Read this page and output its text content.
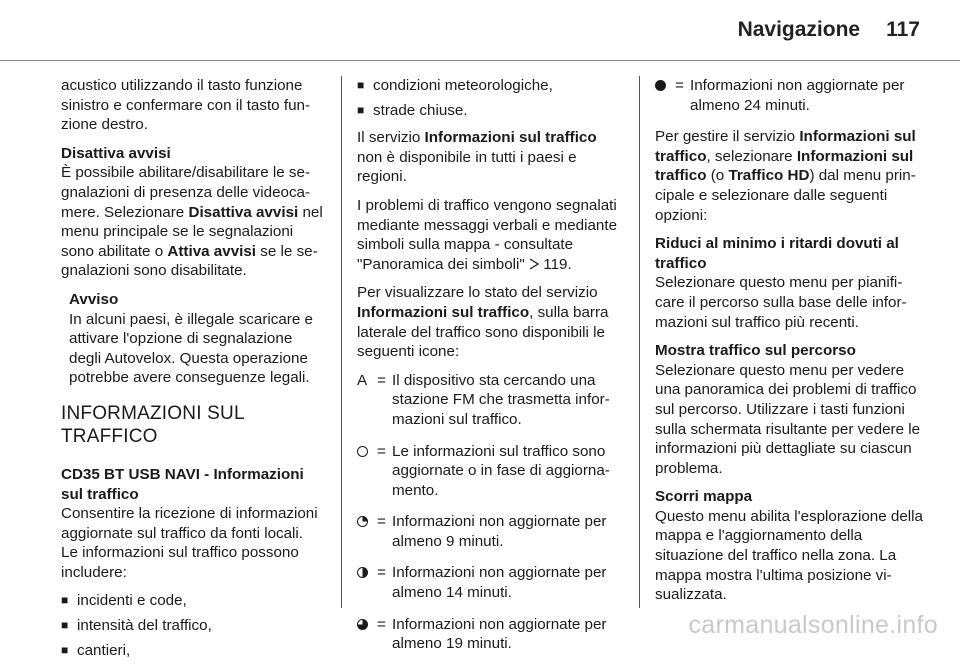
Navigazione 117

acustico utilizzando il tasto funzione sinistro e confermare con il tasto funzione destro.

Disattiva avvisi
È possibile abilitare/disabilitare le segnalazioni di presenza delle videocamere. Selezionare Disattiva avvisi nel menu principale se le segnalazioni sono abilitate o Attiva avvisi se le segnalazioni sono disabilitate.

Avviso
In alcuni paesi, è illegale scaricare e attivare l'opzione di segnalazione degli Autovelox. Questa operazione potrebbe avere conseguenze legali.
INFORMAZIONI SUL
TRAFFICO

CD35 BT USB NAVI - Informazioni sul traffico
Consentire la ricezione di informazioni aggiornate sul traffico da fonti locali. Le informazioni sul traffico possono includere:

■ incidenti e code,
■ intensità del traffico,
■ cantieri,
■ condizioni meteorologiche,
■ strade chiuse.

Il servizio Informazioni sul traffico non è disponibile in tutti i paesi e regioni.

I problemi di traffico vengono segnalati mediante messaggi verbali e mediante simboli sulla mappa - consultate "Panoramica dei simboli"  119.

Per visualizzare lo stato del servizio Informazioni sul traffico, sulla barra laterale del traffico sono disponibili le seguenti icone:

A = Il dispositivo sta cercando una stazione FM che trasmetta informazioni sul traffico.
= Le informazioni sul traffico sono aggiornate o in fase di aggiornamento.
= Informazioni non aggiornate per almeno 9 minuti.
= Informazioni non aggiornate per almeno 14 minuti.
= Informazioni non aggiornate per almeno 19 minuti.
= Informazioni non aggiornate per almeno 24 minuti.

Per gestire il servizio Informazioni sul traffico, selezionare Informazioni sul traffico (o Traffico HD) dal menu principale e selezionare dalle seguenti opzioni:

Riduci al minimo i ritardi dovuti al traffico
Selezionare questo menu per pianificare il percorso sulla base delle informazioni sul traffico più recenti.

Mostra traffico sul percorso
Selezionare questo menu per vedere una panoramica dei problemi di traffico sul percorso. Utilizzare i tasti funzioni sulla schermata risultante per vedere le informazioni più dettagliate su ciascun problema.

Scorri mappa
Questo menu abilita l'esplorazione della mappa e l'aggiornamento della situazione del traffico nella zona. La mappa mostra l'ultima posizione visualizzata.

carmanualsonline.info
